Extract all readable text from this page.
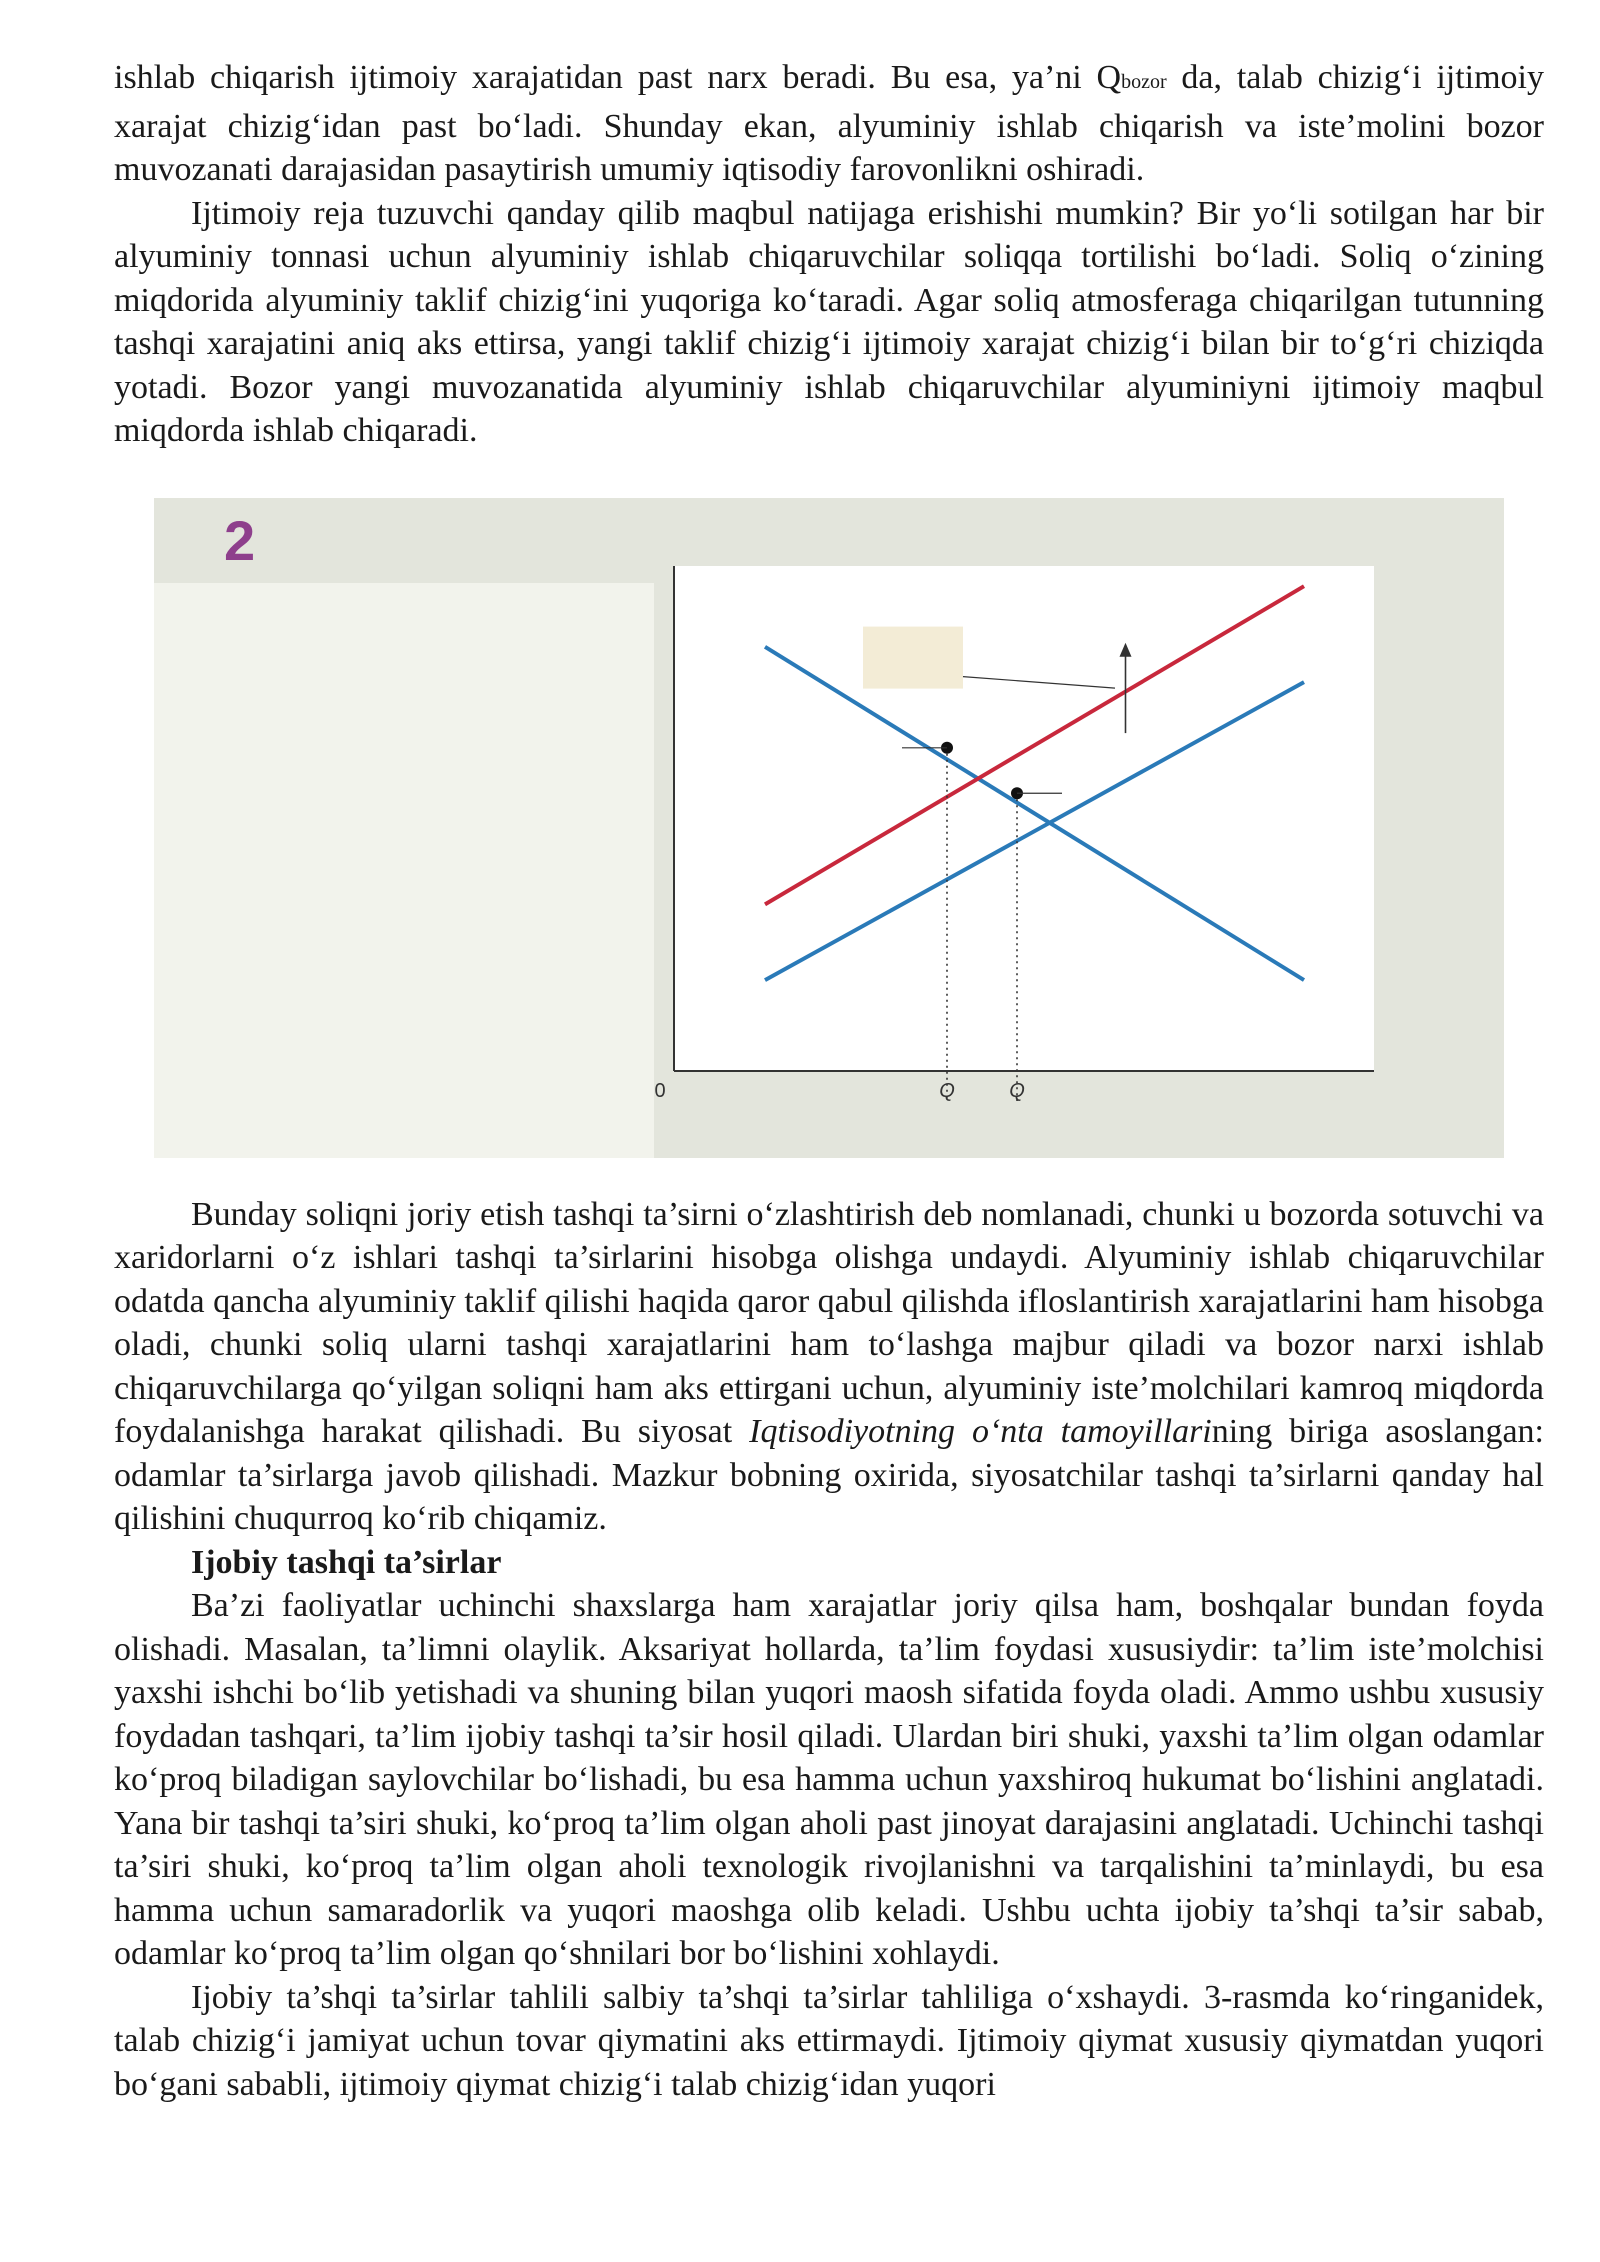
ishlab chiqarish ijtimoiy xarajatidan past narx beradi. Bu esa, ya’ni Qbozor da, talab chizig‘i ijtimoiy xarajat chizig‘idan past bo‘ladi. Shunday ekan, alyuminiy ishlab chiqarish va iste’molini bozor muvozanati darajasidan pasaytirish umumiy iqtisodiy farovonlikni oshiradi.

Ijtimoiy reja tuzuvchi qanday qilib maqbul natijaga erishishi mumkin? Bir yo‘li sotilgan har bir alyuminiy tonnasi uchun alyuminiy ishlab chiqaruvchilar soliqqa tortilishi bo‘ladi. Soliq o‘zining miqdorida alyuminiy taklif chizig‘ini yuqoriga ko‘taradi. Agar soliq atmosferaga chiqarilgan tutunning tashqi xarajatini aniq aks ettirsa, yangi taklif chizig‘i ijtimoiy xarajat chizig‘i bilan bir to‘g‘ri chiziqda yotadi. Bozor yangi muvozanatida alyuminiy ishlab chiqaruvchilar alyuminiyni ijtimoiy maqbul miqdorda ishlab chiqaradi.

2
0	Q	Q

Bunday soliqni joriy etish tashqi ta’sirni o‘zlashtirish deb nomlanadi, chunki u bozorda sotuvchi va xaridorlarni o‘z ishlari tashqi ta’sirlarini hisobga olishga undaydi. Alyuminiy ishlab chiqaruvchilar odatda qancha alyuminiy taklif qilishi haqida qaror qabul qilishda ifloslantirish xarajatlarini ham hisobga oladi, chunki soliq ularni tashqi xarajatlarini ham to‘lashga majbur qiladi va bozor narxi ishlab chiqaruvchilarga qo‘yilgan soliqni ham aks ettirgani uchun, alyuminiy iste’molchilari kamroq miqdorda foydalanishga harakat qilishadi. Bu siyosat Iqtisodiyotning o‘nta tamoyillarining biriga asoslangan: odamlar ta’sirlarga javob qilishadi. Mazkur bobning oxirida, siyosatchilar tashqi ta’sirlarni qanday hal qilishini chuqurroq ko‘rib chiqamiz.

Ijobiy tashqi ta’sirlar

Ba’zi faoliyatlar uchinchi shaxslarga ham xarajatlar joriy qilsa ham, boshqalar bundan foyda olishadi. Masalan, ta’limni olaylik. Aksariyat hollarda, ta’lim foydasi xususiydir: ta’lim iste’molchisi yaxshi ishchi bo‘lib yetishadi va shuning bilan yuqori maosh sifatida foyda oladi. Ammo ushbu xususiy foydadan tashqari, ta’lim ijobiy tashqi ta’sir hosil qiladi. Ulardan biri shuki, yaxshi ta’lim olgan odamlar ko‘proq biladigan saylovchilar bo‘lishadi, bu esa hamma uchun yaxshiroq hukumat bo‘lishini anglatadi. Yana bir tashqi ta’siri shuki, ko‘proq ta’lim olgan aholi past jinoyat darajasini anglatadi. Uchinchi tashqi ta’siri shuki, ko‘proq ta’lim olgan aholi texnologik rivojlanishni va tarqalishini ta’minlaydi, bu esa hamma uchun samaradorlik va yuqori maoshga olib keladi. Ushbu uchta ijobiy ta’shqi ta’sir sabab, odamlar ko‘proq ta’lim olgan qo‘shnilari bor bo‘lishini xohlaydi.

Ijobiy ta’shqi ta’sirlar tahlili salbiy ta’shqi ta’sirlar tahliliga o‘xshaydi. 3-rasmda ko‘ringanidek, talab chizig‘i jamiyat uchun tovar qiymatini aks ettirmaydi. Ijtimoiy qiymat xususiy qiymatdan yuqori bo‘gani sababli, ijtimoiy qiymat chizig‘i talab chizig‘idan yuqori
